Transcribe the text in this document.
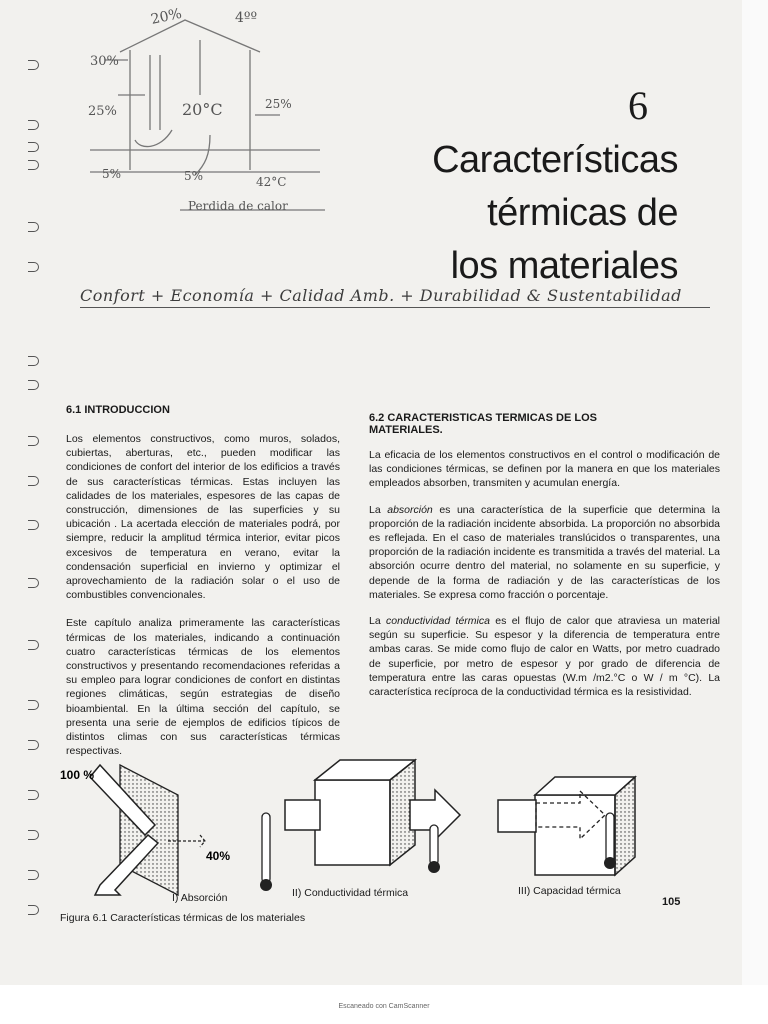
20%	4ºº
30%
25%	20°C	25%
5%	5%	42°C
Perdida de calor
6
Características
térmicas de
los materiales
Confort + Economía + Calidad Amb. + Durabilidad & Sustentabilidad

6.1 INTRODUCCION

Los elementos constructivos, como muros, solados, cubiertas, aberturas, etc., pueden modificar las condiciones de confort del interior de los edificios a través de sus características térmicas. Estas incluyen las calidades de los materiales, espesores de las capas de construcción, dimensiones de las superficies y su ubicación . La acertada elección de materiales podrá, por siempre, reducir la amplitud térmica interior, evitar picos excesivos de temperatura en verano, evitar la condensación superficial en invierno y optimizar el aprovechamiento de la radiación solar o el uso de combustibles convencionales.

Este capítulo analiza primeramente las características térmicas de los materiales, indicando a continuación cuatro características térmicas de los elementos constructivos y presentando recomendaciones referidas a su empleo para lograr condiciones de confort en distintas regiones climáticas, según estrategias de diseño bioambiental. En la última sección del capítulo, se presenta una serie de ejemplos de edificios típicos de distintos climas con sus características térmicas respectivas.

6.2 CARACTERISTICAS TERMICAS DE LOS MATERIALES.

La eficacia de los elementos constructivos en el control o modificación de las condiciones térmicas, se definen por la manera en que los materiales empleados absorben, transmiten y acumulan energía.

La absorción es una característica de la superficie que determina la proporción de la radiación incidente absorbida. La proporción no absorbida es reflejada. En el caso de materiales translúcidos o transparentes, una proporción de la radiación incidente es transmitida a través del material. La absorción ocurre dentro del material, no solamente en su superficie, y depende de la forma de radiación y de las características de los materiales. Se expresa como fracción o porcentaje.

La conductividad térmica es el flujo de calor que atraviesa un material según su superficie. Su espesor y la diferencia de temperatura entre ambas caras. Se mide como flujo de calor en Watts, por metro cuadrado de superficie, por metro de espesor y por grado de diferencia de temperatura entre las caras opuestas (W.m /m2.°C o W / m °C). La característica recíproca de la conductividad térmica es la resistividad.

100 %
40%
I) Absorción	II) Conductividad térmica	III) Capacidad térmica
105
Figura 6.1 Características térmicas de los materiales
Escaneado con CamScanner
